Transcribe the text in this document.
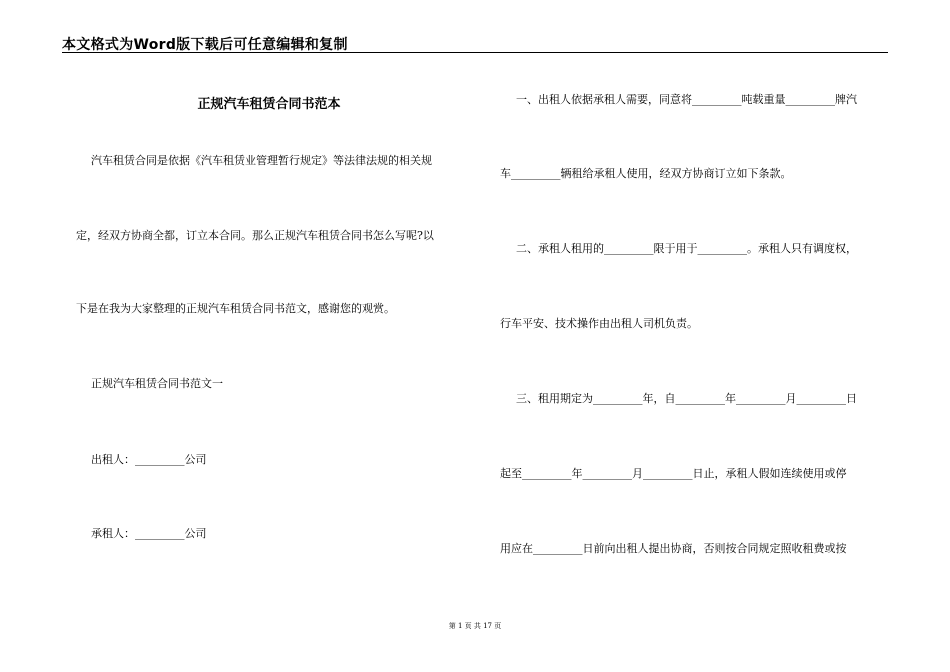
本文格式为Word版下载后可任意编辑和复制
正规汽车租赁合同书范本
汽车租赁合同是依据《汽车租赁业管理暂行规定》等法律法规的相关规
定，经双方协商全都，订立本合同。那么正规汽车租赁合同书怎么写呢?以
下是在我为大家整理的正规汽车租赁合同书范文，感谢您的观赏。
正规汽车租赁合同书范文一
出租人：_________公司
承租人：_________公司
一、出租人依据承租人需要，同意将_________吨载重量_________牌汽
车_________辆租给承租人使用，经双方协商订立如下条款。
二、承租人租用的_________限于用于_________。承租人只有调度权，
行车平安、技术操作由出租人司机负责。
三、租用期定为_________年，自_________年_________月_________日
起至_________年_________月_________日止，承租人假如连续使用或停
用应在_________日前向出租人提出协商，否则按合同规定照收租费或按
第 1 页 共 17 页
